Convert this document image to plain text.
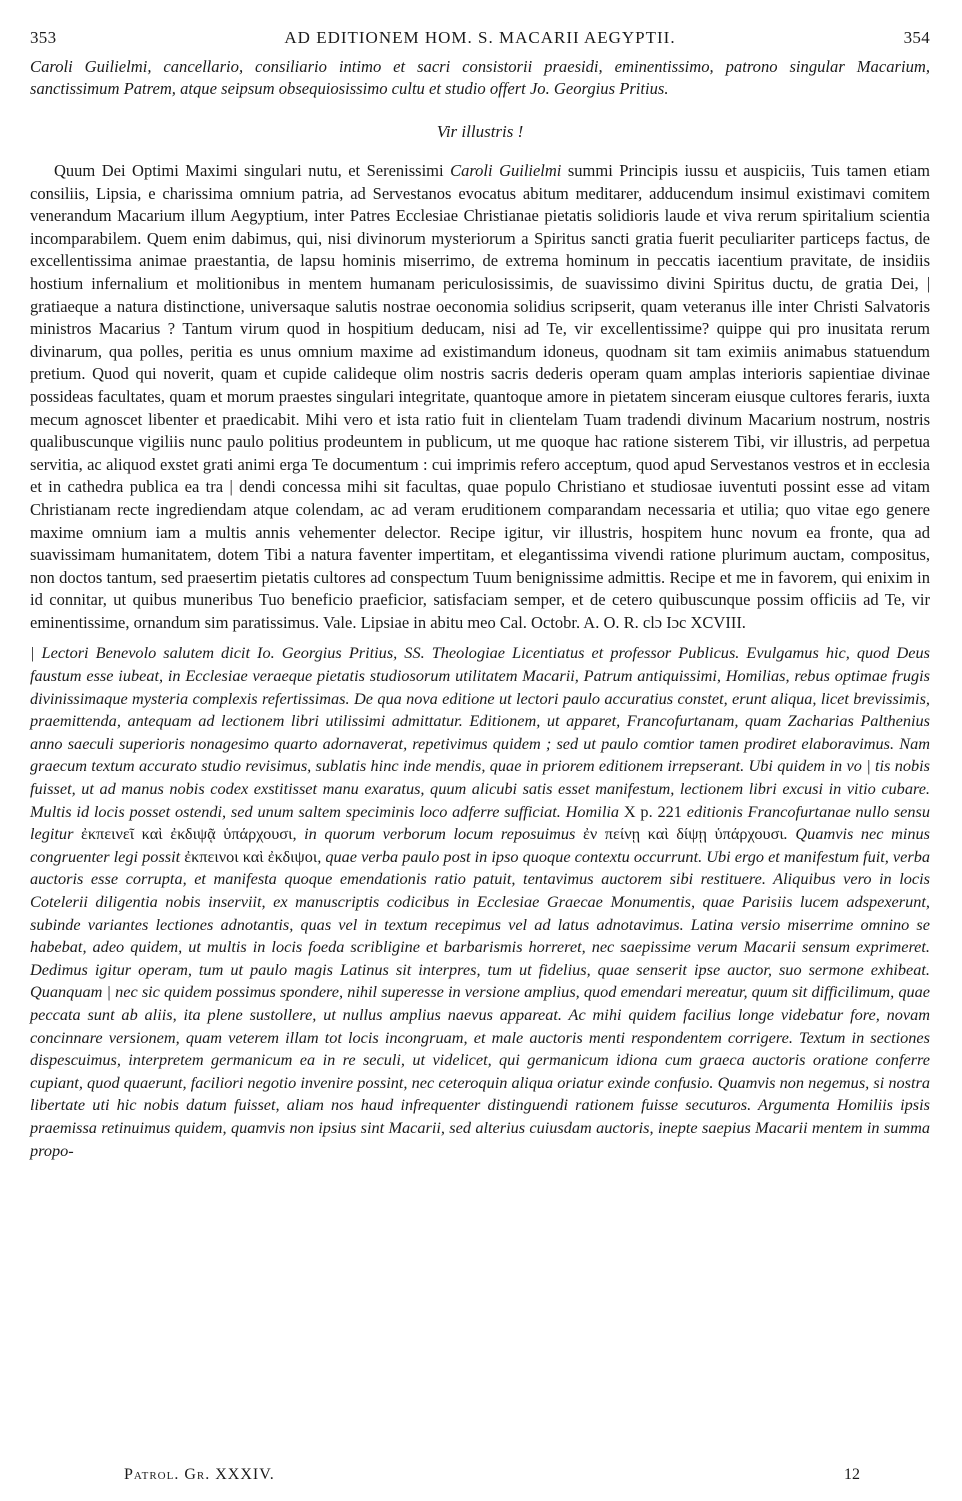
353	AD EDITIONEM HOM. S. MACARII AEGYPTII.	354

Caroli Guilielmi, cancellario, consiliario intimo et sacri consistorii praesidi, eminentissimo, patrono singular Macarium, sanctissimum Patrem, atque seipsum obsequiosissimo cultu et studio offert Jo. Georgius Pritius.

Vir illustris !

Quum Dei Optimi Maximi singulari nutu, et Serenissimi Caroli Guilielmi summi Principis iussu et auspiciis, Tuis tamen etiam consiliis, Lipsia, e charissima omnium patria, ad Servestanos evocatus abitum meditarer, adducendum insimul existimavi comitem venerandum Macarium illum Aegyptium, inter Patres Ecclesiae Christianae pietatis solidioris laude et viva rerum spiritalium scientia incomparabilem. Quem enim dabimus, qui, nisi divinorum mysteriorum a Spiritus sancti gratia fuerit peculiariter particeps factus, de excellentissima animae praestantia, de lapsu hominis miserrimo, de extrema hominum in peccatis iacentium pravitate, de insidiis hostium infernalium et molitionibus in mentem humanam periculosissimis, de suavissimo divini Spiritus ductu, de gratia Dei, | gratiaeque a natura distinctione, universaque salutis nostrae oeconomia solidius scripserit, quam veteranus ille inter Christi Salvatoris ministros Macarius ? Tantum virum quod in hospitium deducam, nisi ad Te, vir excellentissime? quippe qui pro inusitata rerum divinarum, qua polles, peritia es unus omnium maxime ad existimandum idoneus, quodnam sit tam eximiis animabus statuendum pretium. Quod qui noverit, quam et cupide calideque olim nostris sacris dederis operam quam amplas interioris sapientiae divinae possideas facultates, quam et morum praestes singulari integritate, quantoque amore in pietatem sinceram eiusque cultores feraris, iuxta mecum agnoscet libenter et praedicabit. Mihi vero et ista ratio fuit in clientelam Tuam tradendi divinum Macarium nostrum, nostris qualibuscunque vigiliis nunc paulo politius prodeuntem in publicum, ut me quoque hac ratione sisterem Tibi, vir illustris, ad perpetua servitia, ac aliquod exstet grati animi erga Te documentum : cui imprimis refero acceptum, quod apud Servestanos vestros et in ecclesia et in cathedra publica ea tra | dendi concessa mihi sit facultas, quae populo Christiano et studiosae iuventuti possint esse ad vitam Christianam recte ingrediendam atque colendam, ac ad veram eruditionem comparandam necessaria et utilia; quo vitae ego genere maxime omnium iam a multis annis vehementer delector. Recipe igitur, vir illustris, hospitem hunc novum ea fronte, qua ad suavissimam humanitatem, dotem Tibi a natura faventer impertitam, et elegantissima vivendi ratione plurimum auctam, compositus, non doctos tantum, sed praesertim pietatis cultores ad conspectum Tuum benignissime admittis. Recipe et me in favorem, qui enixim in id connitar, ut quibus muneribus Tuo beneficio praeficior, satisfaciam semper, et de cetero quibuscunque possim officiis ad Te, vir eminentissime, ornandum sim paratissimus. Vale. Lipsiae in abitu meo Cal. Octobr. A. O. R. clɔ Iɔc XCVIII.

| Lectori Benevolo salutem dicit Io. Georgius Pritius, SS. Theologiae Licentiatus et professor Publicus. Evulgamus hic, quod Deus faustum esse iubeat, in Ecclesiae veraeque pietatis studiosorum utilitatem Macarii, Patrum antiquissimi, Homilias, rebus optimae frugis divinissimaque mysteria complexis refertissimas. De qua nova editione ut lectori paulo accuratius constet, erunt aliqua, licet brevissimis, praemittenda, antequam ad lectionem libri utilissimi admittatur. Editionem, ut apparet, Francofurtanam, quam Zacharias Palthenius anno saeculi superioris nonagesimo quarto adornaverat, repetivimus quidem ; sed ut paulo comtior tamen prodiret elaboravimus. Nam graecum textum accurato studio revisimus, sublatis hinc inde mendis, quae in priorem editionem irrepserant. Ubi quidem in vo | tis nobis fuisset, ut ad manus nobis codex exstitisset manu exaratus, quum alicubi satis esset manifestum, lectionem libri excusi in vitio cubare. Multis id locis posset ostendi, sed unum saltem speciminis loco adferre sufficiat. Homilia X p. 221 editionis Francofurtanae nullo sensu legitur ἐκπεινεῖ καὶ ἐκδιψᾷ ὑπάρχουσι, in quorum verborum locum reposuimus ἐν πείνῃ καὶ δίψῃ ὑπάρχουσι. Quamvis nec minus congruenter legi possit ἐκπεινοι καὶ ἐκδιψοι, quae verba paulo post in ipso quoque contextu occurrunt. Ubi ergo et manifestum fuit, verba auctoris esse corrupta, et manifesta quoque emendationis ratio patuit, tentavimus auctorem sibi restituere. Aliquibus vero in locis Coteleriі diligentia nobis inserviit, ex manuscriptis codicibus in Ecclesiae Graecae Monumentis, quae Parisiis lucem adspexerunt, subinde variantes lectiones adnotantis, quas vel in textum recepimus vel ad latus adnotavimus. Latina versio miserrime omnino se habebat, adeo quidem, ut multis in locis foeda scribligine et barbarismis horreret, nec saepissime verum Macarii sensum exprimeret. Dedimus igitur operam, tum ut paulo magis Latinus sit interpres, tum ut fidelius, quae senserit ipse auctor, suo sermone exhibeat. Quanquam | nec sic quidem possimus spondere, nihil superesse in versione amplius, quod emendari mereatur, quum sit difficilimum, quae peccata sunt ab aliis, ita plene sustollere, ut nullus amplius naevus appareat. Ac mihi quidem facilius longe videbatur fore, novam concinnare versionem, quam veterem illam tot locis incongruam, et male auctoris menti respondentem corrigere. Textum in sectiones dispescuimus, interpretem germanicum ea in re seculi, ut videlicet, qui germanicum idiona cum graeca auctoris oratione conferre cupiant, quod quaerunt, faciliori negotio invenire possint, nec ceteroquin aliqua oriatur exinde confusio. Quamvis non negemus, si nostra libertate uti hic nobis datum fuisset, aliam nos haud infrequenter distinguendi rationem fuisse secuturos. Argumenta Homiliis ipsis praemissa retinuimus quidem, quamvis non ipsius sint Macarii, sed alterius cuiusdam auctoris, inepte saepius Macarii mentem in summa propo-

Patrol. Gr. XXXIV.	12
